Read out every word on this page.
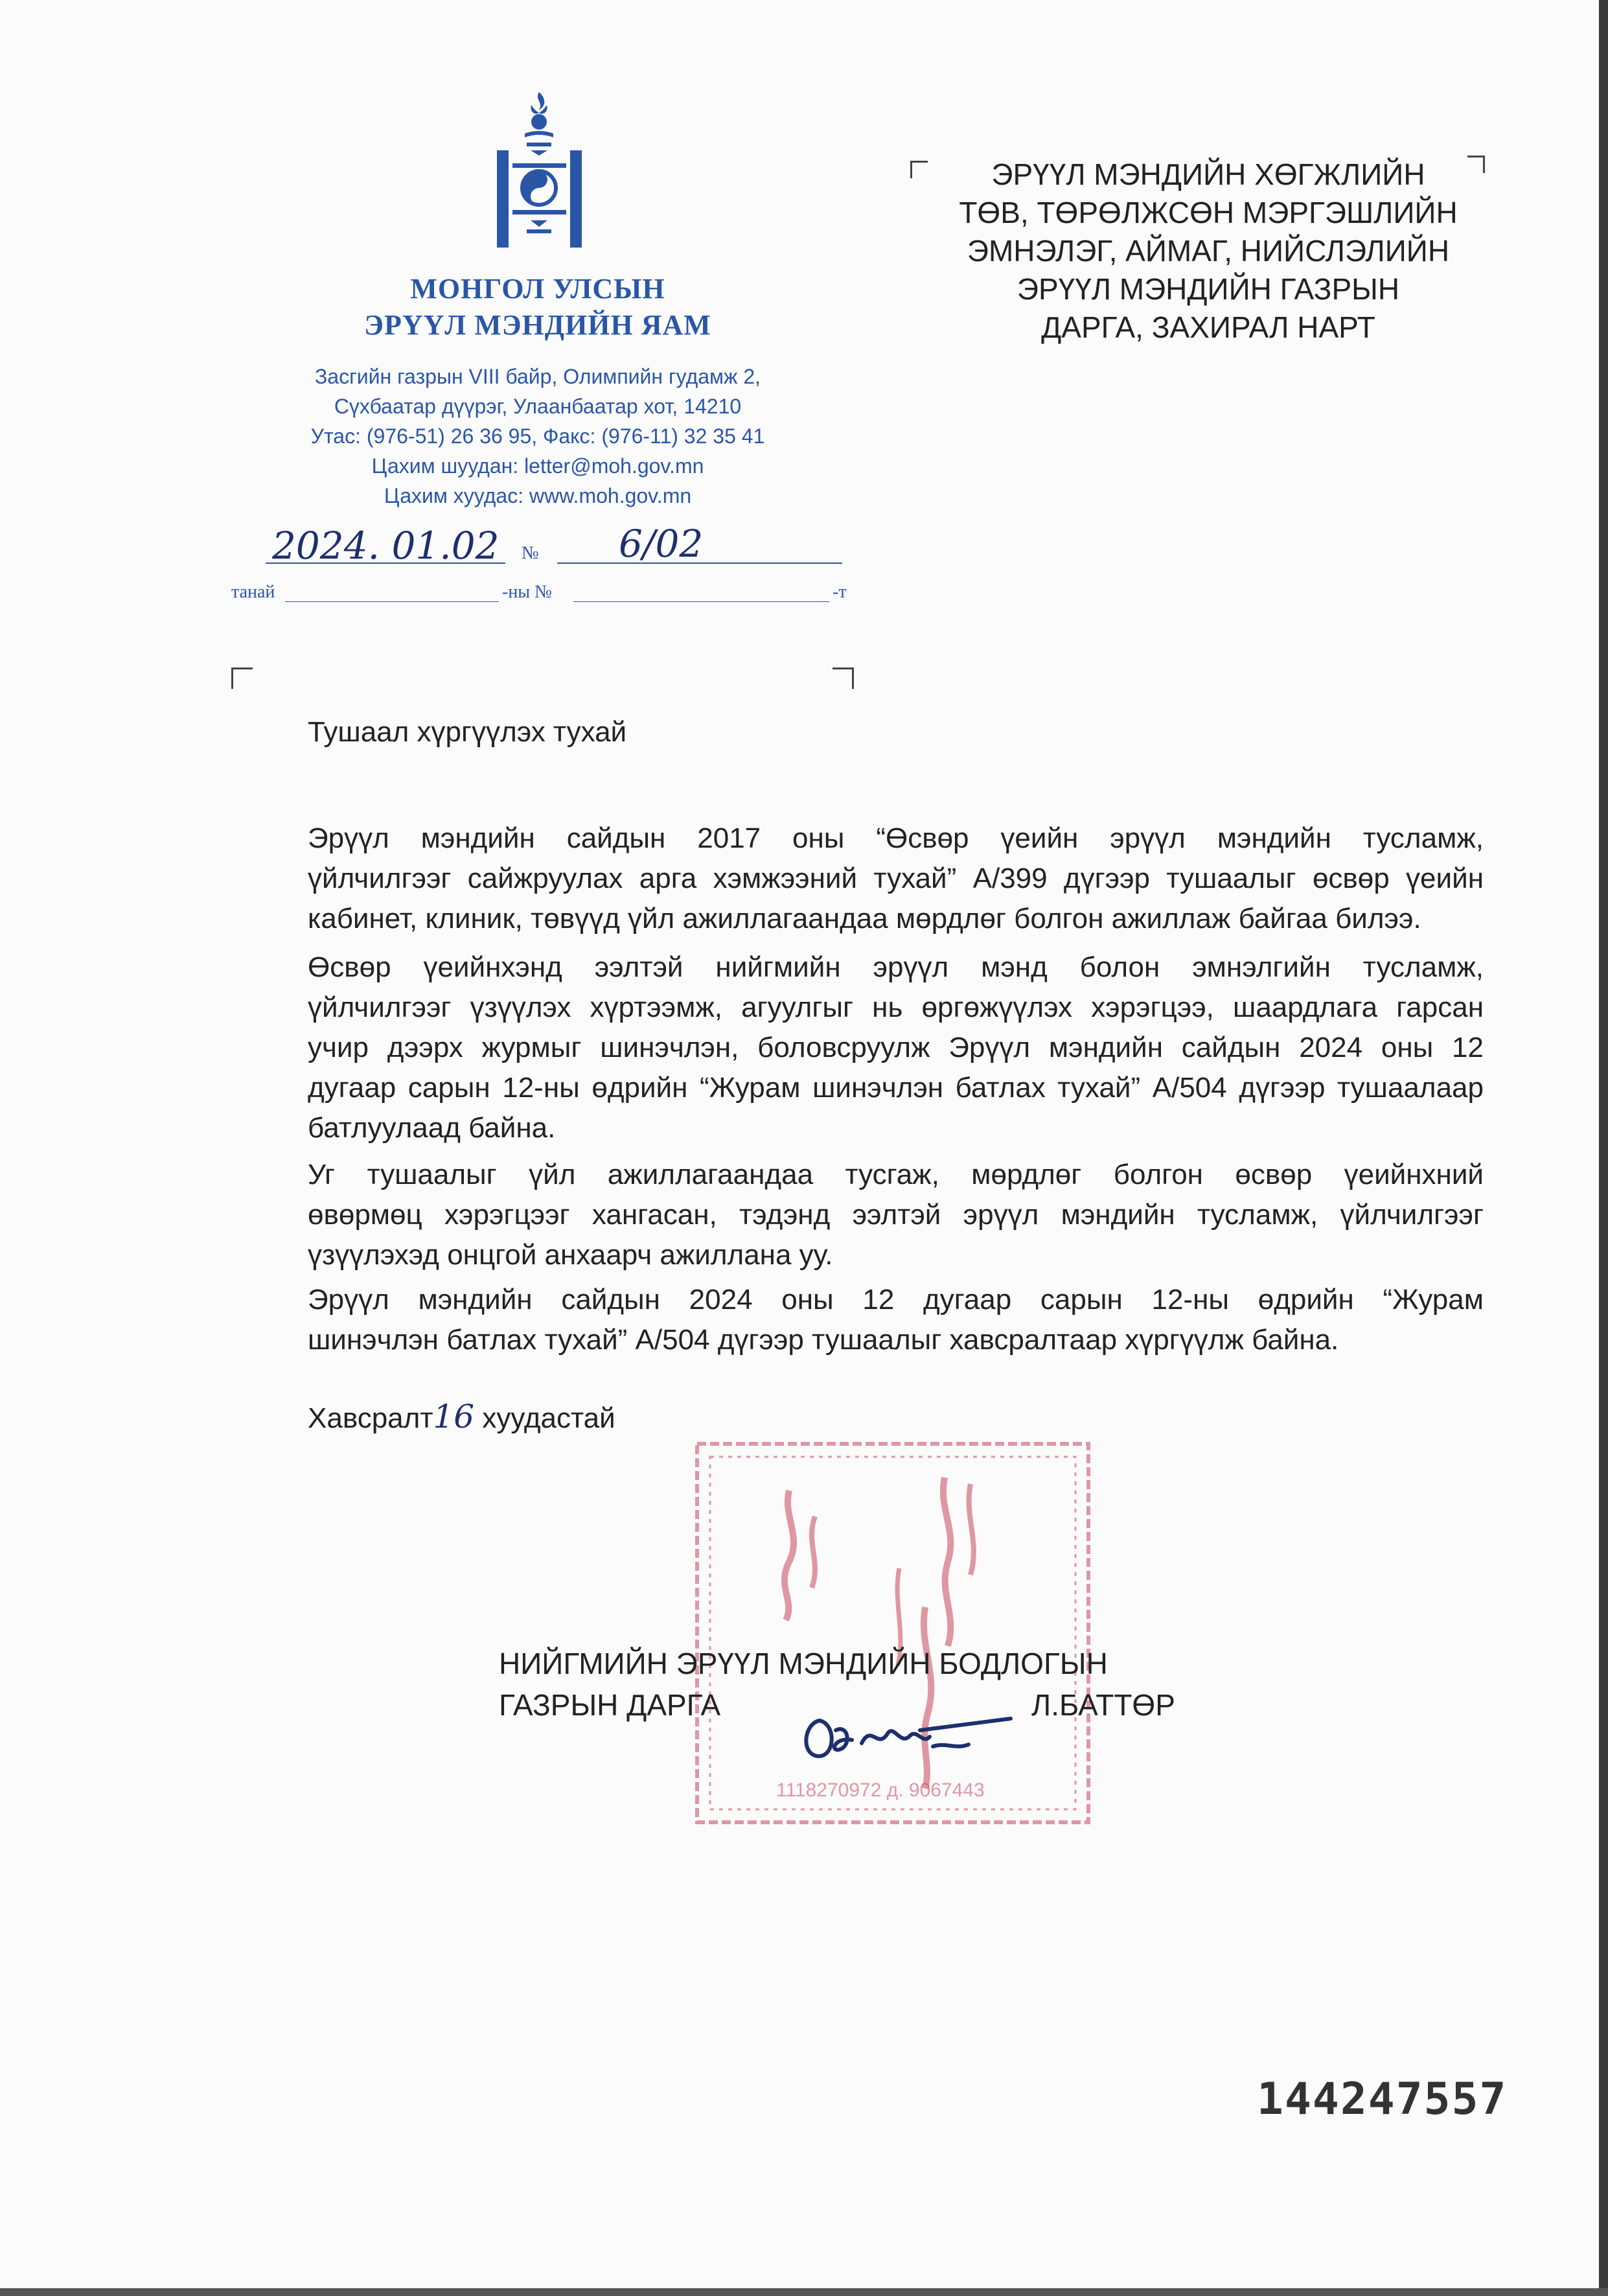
МОНГОЛ УЛСЫН
ЭРҮҮЛ МЭНДИЙН ЯАМ
Засгийн газрын VIII байр, Олимпийн гудамж 2,
Сүхбаатар дүүрэг, Улаанбаатар хот, 14210
Утас: (976-51) 26 36 95, Факс: (976-11) 32 35 41
Цахим шуудан: letter@moh.gov.mn
Цахим хуудас: www.moh.gov.mn
2024. 01.02 № 6/02
танай	-ны №	-т
ЭРҮҮЛ МЭНДИЙН ХӨГЖЛИЙН
ТӨВ, ТӨРӨЛЖСӨН МЭРГЭШЛИЙН
ЭМНЭЛЭГ, АЙМАГ, НИЙСЛЭЛИЙН
ЭРҮҮЛ МЭНДИЙН ГАЗРЫН
ДАРГА, ЗАХИРАЛ НАРТ
Тушаал хүргүүлэх тухай
Эрүүл мэндийн сайдын 2017 оны “Өсвөр үеийн эрүүл мэндийн тусламж,
үйлчилгээг сайжруулах арга хэмжээний тухай” А/399 дүгээр тушаалыг өсвөр үеийн
кабинет, клиник, төвүүд үйл ажиллагаандаа мөрдлөг болгон ажиллаж байгаа билээ.
Өсвөр үеийнхэнд ээлтэй нийгмийн эрүүл мэнд болон эмнэлгийн тусламж,
үйлчилгээг үзүүлэх хүртээмж, агуулгыг нь өргөжүүлэх хэрэгцээ, шаардлага гарсан
учир дээрх журмыг шинэчлэн, боловсруулж Эрүүл мэндийн сайдын 2024 оны 12
дугаар сарын 12-ны өдрийн “Журам шинэчлэн батлах тухай” А/504 дүгээр тушаалаар
батлуулаад байна.
Уг тушаалыг үйл ажиллагаандаа тусгаж, мөрдлөг болгон өсвөр үеийнхний
өвөрмөц хэрэгцээг хангасан, тэдэнд ээлтэй эрүүл мэндийн тусламж, үйлчилгээг
үзүүлэхэд онцгой анхаарч ажиллана уу.
Эрүүл мэндийн сайдын 2024 оны 12 дугаар сарын 12-ны өдрийн “Журам
шинэчлэн батлах тухай” А/504 дүгээр тушаалыг хавсралтаар хүргүүлж байна.
Хавсралт16 хуудастай
1118270972 д. 9067443
НИЙГМИЙН ЭРҮҮЛ МЭНДИЙН БОДЛОГЫН
ГАЗРЫН ДАРГА	Л.БАТТӨР
144247557
